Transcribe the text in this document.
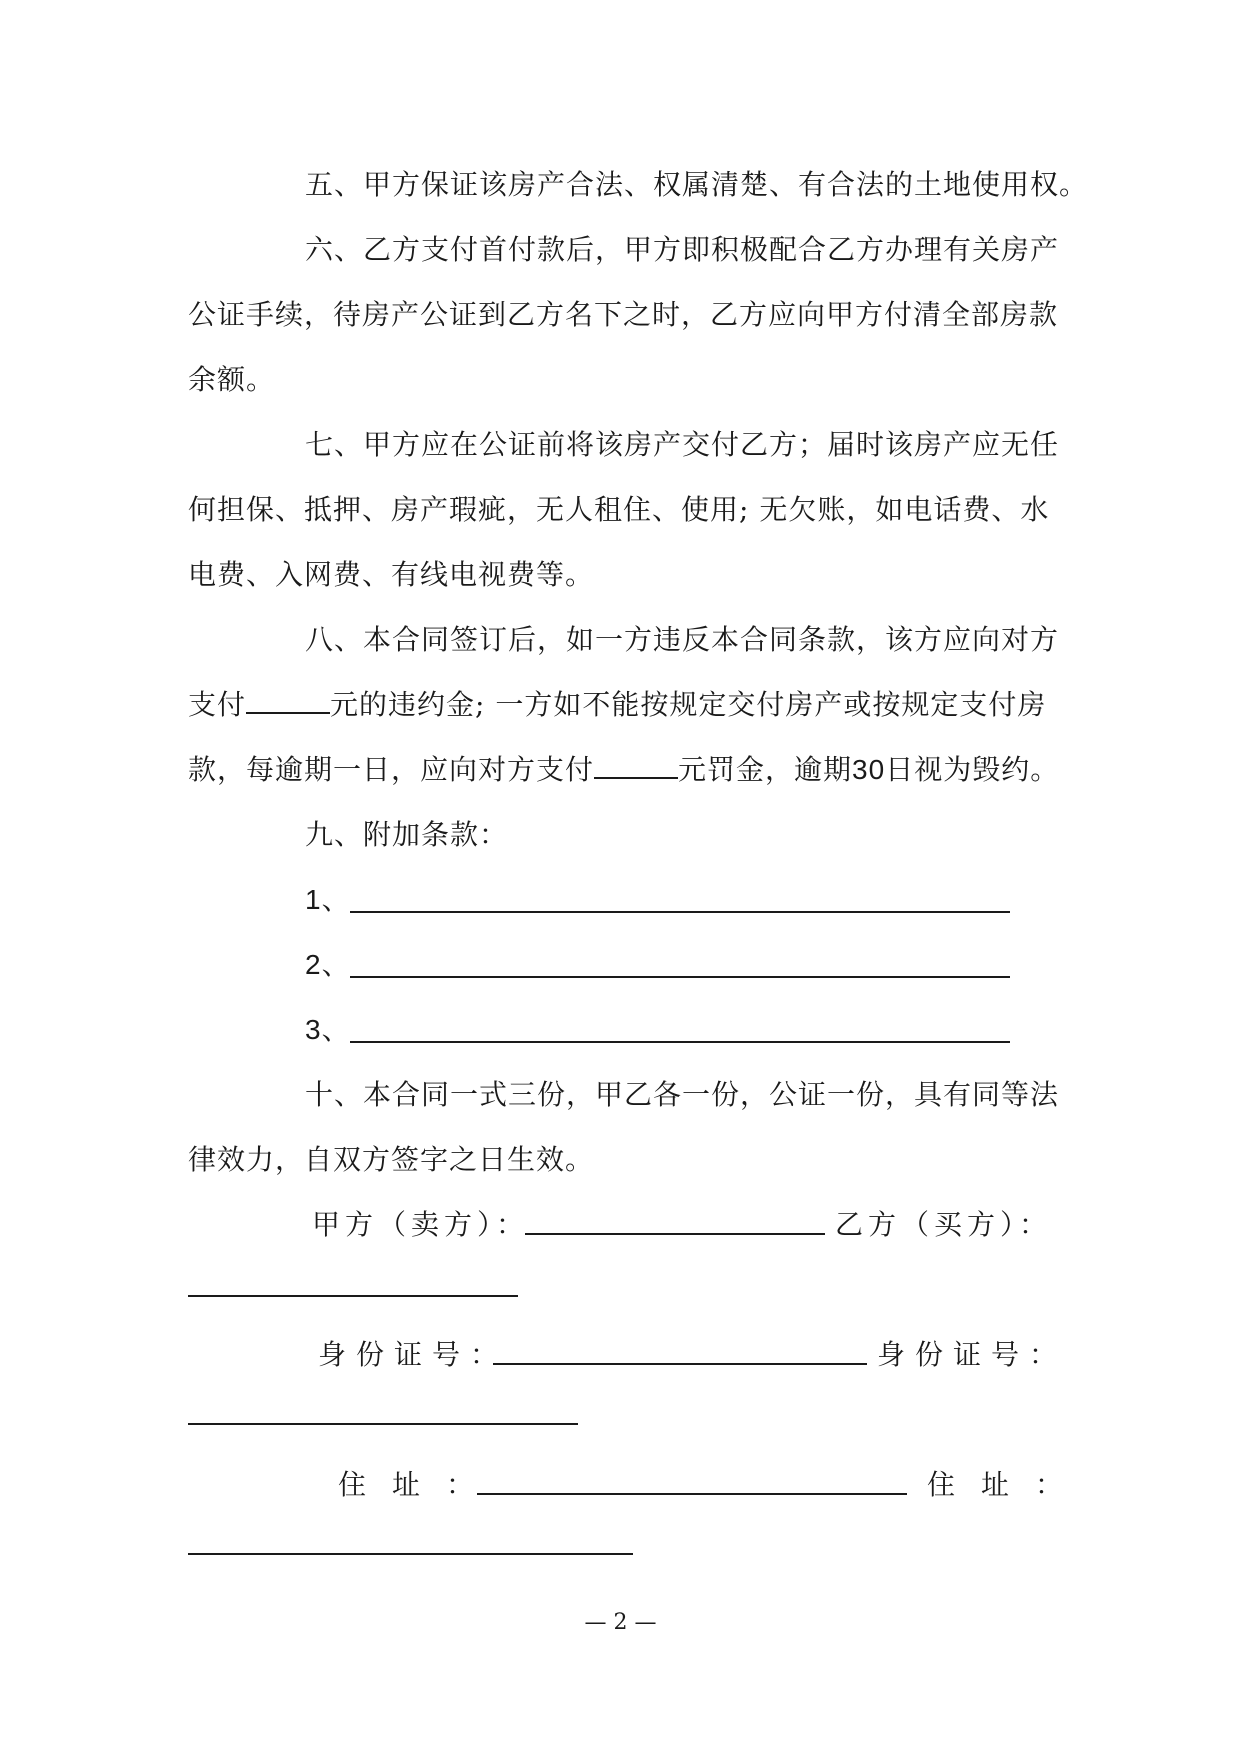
五、甲方保证该房产合法、权属清楚、有合法的土地使用权。
六、乙方支付首付款后，甲方即积极配合乙方办理有关房产
公证手续，待房产公证到乙方名下之时，乙方应向甲方付清全部房款
余额。
七、甲方应在公证前将该房产交付乙方；届时该房产应无任
何担保、抵押、房产瑕疵，无人租住、使用; 无欠账，如电话费、水
电费、入网费、有线电视费等。
八、本合同签订后，如一方违反本合同条款，该方应向对方
支付	元的违约金; 一方如不能按规定交付房产或按规定支付房
款，每逾期一日，应向对方支付	元罚金，逾期30日视为毁约。
九、附加条款：
1、
2、
3、
十、本合同一式三份，甲乙各一份，公证一份，具有同等法
律效力，自双方签字之日生效。
甲方（卖方）：	乙方（买方）：
身份证号：	身份证号：
住址：	住址：
— 2 —
